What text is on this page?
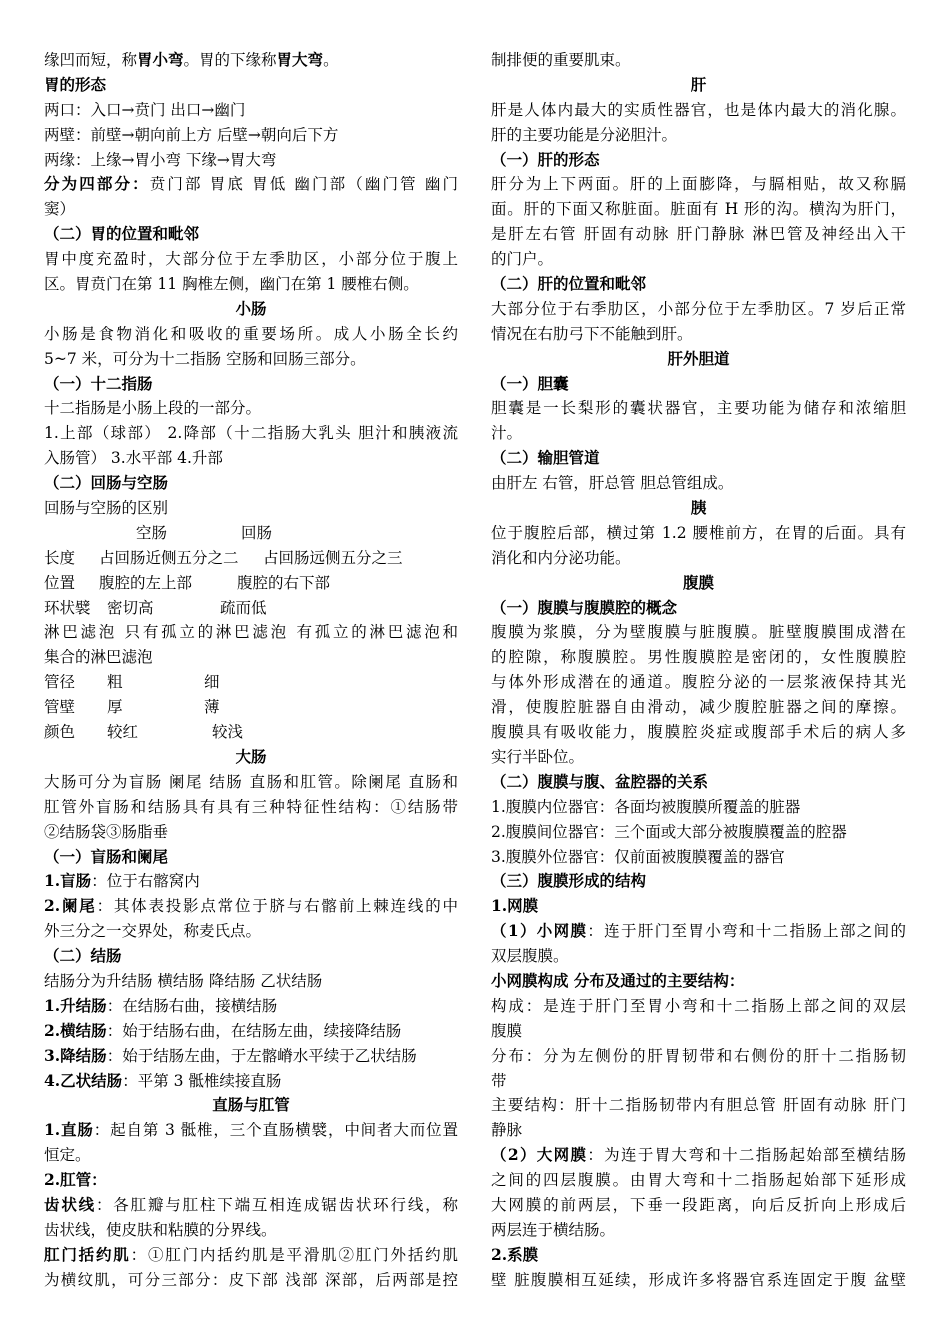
缘凹而短，称胃小弯。胃的下缘称胃大弯。
胃的形态
两口：入口→贲门 出口→幽门
两壁：前壁→朝向前上方 后壁→朝向后下方
两缘：上缘→胃小弯 下缘→胃大弯
分为四部分：贲门部 胃底 胃低 幽门部（幽门管 幽门
窦）
（二）胃的位置和毗邻
胃中度充盈时，大部分位于左季肋区，小部分位于腹上
区。胃贲门在第 11 胸椎左侧，幽门在第 1 腰椎右侧。
小肠
小肠是食物消化和吸收的重要场所。成人小肠全长约
5~7 米，可分为十二指肠 空肠和回肠三部分。
（一）十二指肠
十二指肠是小肠上段的一部分。
1.上部（球部） 2.降部（十二指肠大乳头 胆汁和胰液流
入肠管） 3.水平部 4.升部
（二）回肠与空肠
回肠与空肠的区别
空肠	回肠
长度 占回肠近侧五分之二 占回肠远侧五分之三
位置 腹腔的左上部	腹腔的右下部
环状襞 密切高	疏而低
淋巴滤泡 只有孤立的淋巴滤泡 有孤立的淋巴滤泡和
集合的淋巴滤泡
管径 粗	细
管壁 厚	薄
颜色 较红	较浅
大肠
大肠可分为盲肠 阑尾 结肠 直肠和肛管。除阑尾 直肠和
肛管外盲肠和结肠具有具有三种特征性结构：①结肠带
②结肠袋③肠脂垂
（一）盲肠和阑尾
1.盲肠：位于右髂窝内
2.阑尾：其体表投影点常位于脐与右髂前上棘连线的中
外三分之一交界处，称麦氏点。
（二）结肠
结肠分为升结肠 横结肠 降结肠 乙状结肠
1.升结肠：在结肠右曲，接横结肠
2.横结肠：始于结肠右曲，在结肠左曲，续接降结肠
3.降结肠：始于结肠左曲，于左髂嵴水平续于乙状结肠
4.乙状结肠：平第 3 骶椎续接直肠
直肠与肛管
1.直肠：起自第 3 骶椎，三个直肠横襞，中间者大而位置
恒定。
2.肛管：
齿状线：各肛瓣与肛柱下端互相连成锯齿状环行线，称
齿状线，使皮肤和粘膜的分界线。
肛门括约肌：①肛门内括约肌是平滑肌②肛门外括约肌
为横纹肌，可分三部分：皮下部 浅部 深部，后两部是控
制排便的重要肌束。
肝
肝是人体内最大的实质性器官，也是体内最大的消化腺。
肝的主要功能是分泌胆汁。
（一）肝的形态
肝分为上下两面。肝的上面膨降，与膈相贴，故又称膈
面。肝的下面又称脏面。脏面有 H 形的沟。横沟为肝门，
是肝左右管 肝固有动脉 肝门静脉 淋巴管及神经出入干
的门户。
（二）肝的位置和毗邻
大部分位于右季肋区，小部分位于左季肋区。7 岁后正常
情况在右肋弓下不能触到肝。
肝外胆道
（一）胆囊
胆囊是一长梨形的囊状器官，主要功能为储存和浓缩胆
汁。
（二）输胆管道
由肝左 右管，肝总管 胆总管组成。
胰
位于腹腔后部，横过第 1.2 腰椎前方，在胃的后面。具有
消化和内分泌功能。
腹膜
（一）腹膜与腹膜腔的概念
腹膜为浆膜，分为壁腹膜与脏腹膜。脏壁腹膜围成潜在
的腔隙，称腹膜腔。男性腹膜腔是密闭的，女性腹膜腔
与体外形成潜在的通道。腹腔分泌的一层浆液保持其光
滑，使腹腔脏器自由滑动，减少腹腔脏器之间的摩擦。
腹膜具有吸收能力，腹膜腔炎症或腹部手术后的病人多
实行半卧位。
（二）腹膜与腹、盆腔器的关系
1.腹膜内位器官：各面均被腹膜所覆盖的脏器
2.腹膜间位器官：三个面或大部分被腹膜覆盖的腔器
3.腹膜外位器官：仅前面被腹膜覆盖的器官
（三）腹膜形成的结构
1.网膜
（1）小网膜：连于肝门至胃小弯和十二指肠上部之间的
双层腹膜。
小网膜构成 分布及通过的主要结构：
构成：是连于肝门至胃小弯和十二指肠上部之间的双层
腹膜
分布：分为左侧份的肝胃韧带和右侧份的肝十二指肠韧
带
主要结构：肝十二指肠韧带内有胆总管 肝固有动脉 肝门
静脉
（2）大网膜：为连于胃大弯和十二指肠起始部至横结肠
之间的四层腹膜。由胃大弯和十二指肠起始部下延形成
大网膜的前两层，下垂一段距离，向后反折向上形成后
两层连于横结肠。
2.系膜
壁 脏腹膜相互延续，形成许多将器官系连固定于腹 盆壁
